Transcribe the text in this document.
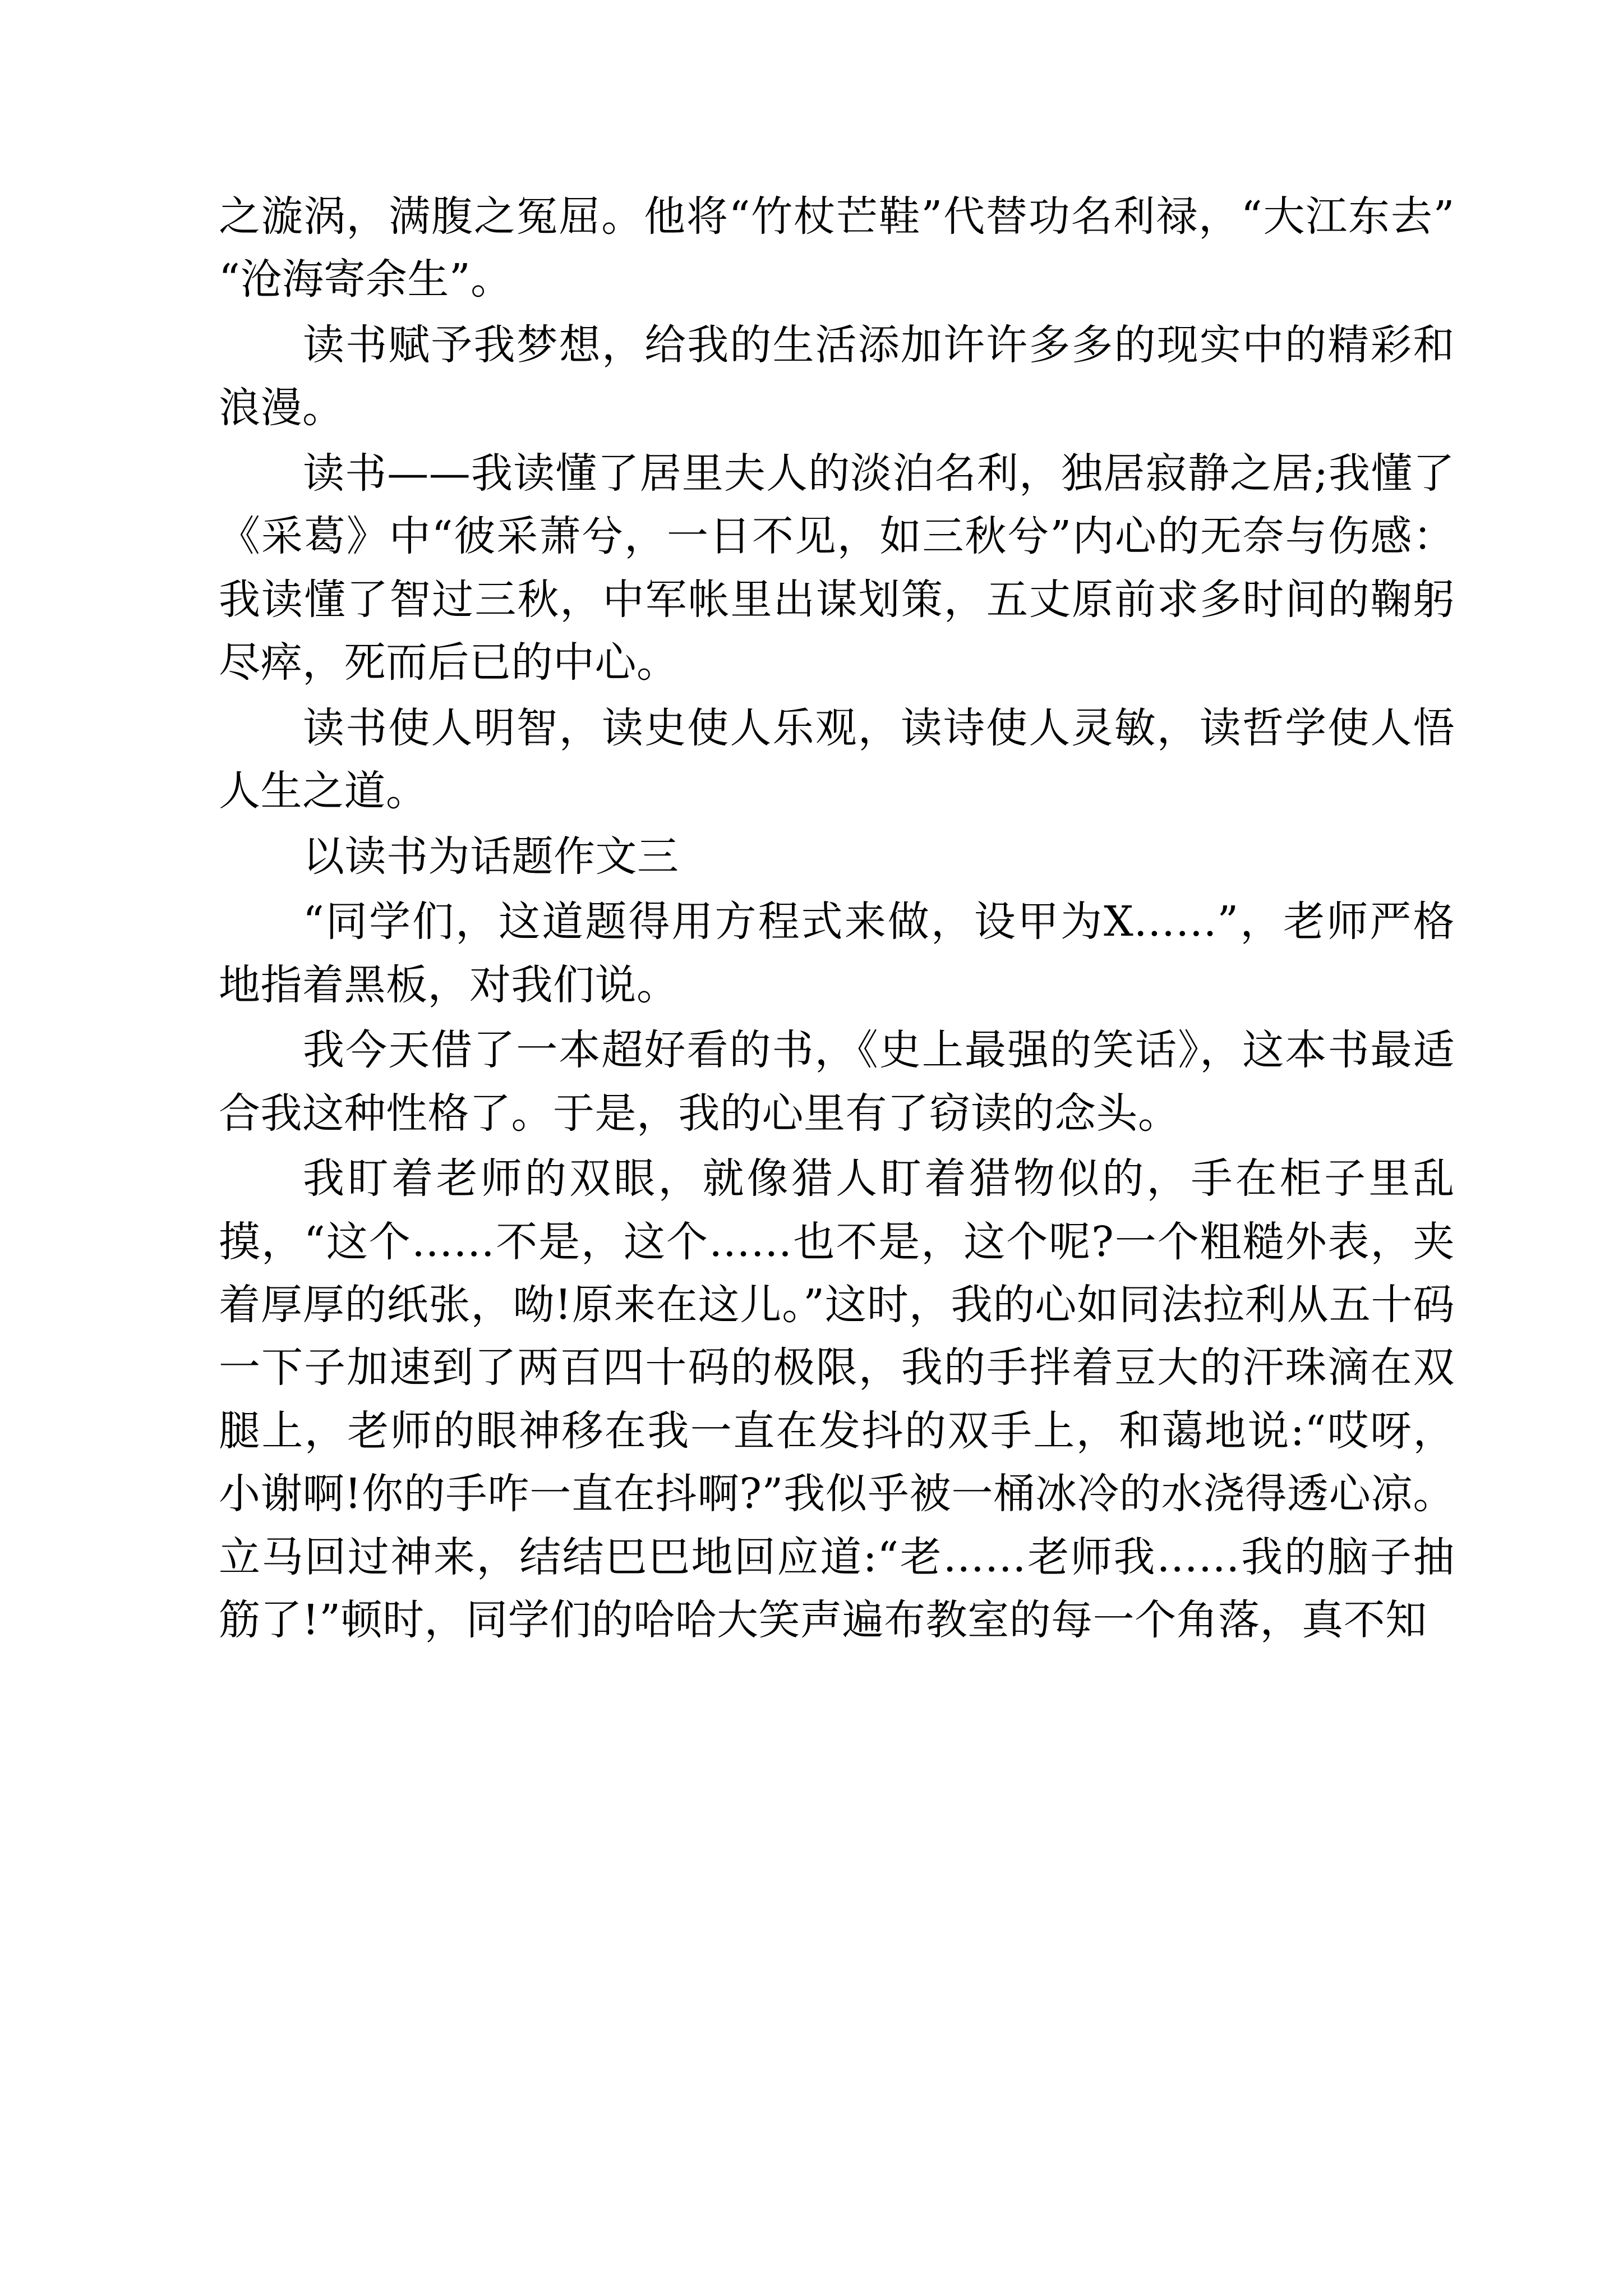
之漩涡，满腹之冤屈。他将“竹杖芒鞋”代替功名利禄，“大江东去”“沧海寄余生”。

读书赋予我梦想，给我的生活添加许许多多的现实中的精彩和浪漫。

读书——我读懂了居里夫人的淡泊名利，独居寂静之居;我懂了《采葛》中“彼采萧兮，一日不见，如三秋兮”内心的无奈与伤感：我读懂了智过三秋，中军帐里出谋划策，五丈原前求多时间的鞠躬尽瘁，死而后已的中心。

读书使人明智，读史使人乐观，读诗使人灵敏，读哲学使人悟人生之道。

以读书为话题作文三

“同学们，这道题得用方程式来做，设甲为X……”，老师严格地指着黑板，对我们说。

我今天借了一本超好看的书，《史上最强的笑话》，这本书最适合我这种性格了。于是，我的心里有了窃读的念头。

我盯着老师的双眼，就像猎人盯着猎物似的，手在柜子里乱摸，“这个……不是，这个……也不是，这个呢?一个粗糙外表，夹着厚厚的纸张，呦!原来在这儿。”这时，我的心如同法拉利从五十码一下子加速到了两百四十码的极限，我的手拌着豆大的汗珠滴在双腿上，老师的眼神移在我一直在发抖的双手上，和蔼地说:“哎呀，小谢啊!你的手咋一直在抖啊?”我似乎被一桶冰冷的水浇得透心凉。立马回过神来，结结巴巴地回应道:“老……老师我……我的脑子抽筋了!”顿时，同学们的哈哈大笑声遍布教室的每一个角落，真不知
